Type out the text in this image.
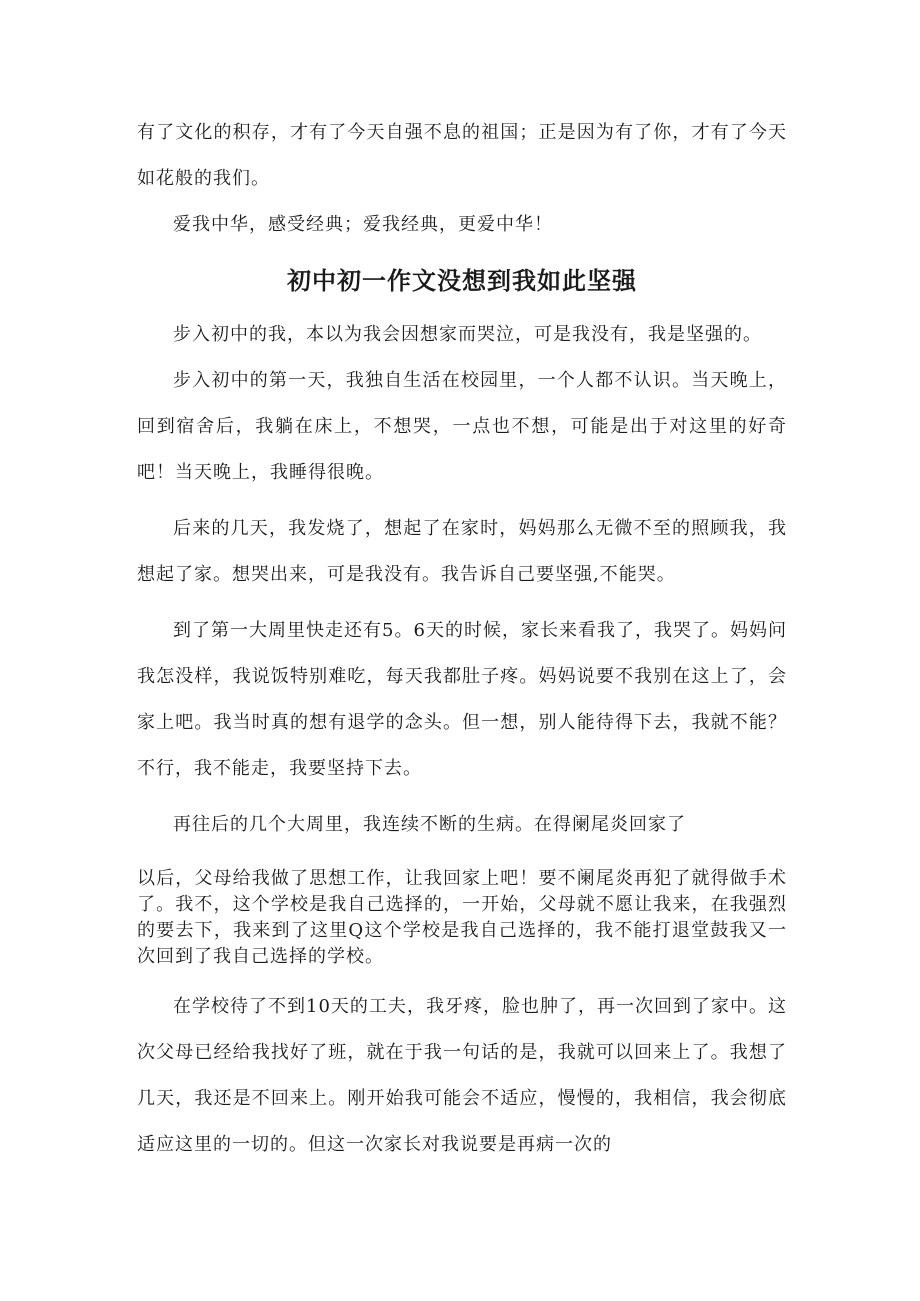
有了文化的积存，才有了今天自强不息的祖国；正是因为有了你，才有了今天如花般的我们。

爱我中华，感受经典；爱我经典，更爱中华！

初中初一作文没想到我如此坚强

步入初中的我，本以为我会因想家而哭泣，可是我没有，我是坚强的。

步入初中的第一天，我独自生活在校园里，一个人都不认识。当天晚上，回到宿舍后，我躺在床上，不想哭，一点也不想，可能是出于对这里的好奇吧！当天晚上，我睡得很晚。

后来的几天，我发烧了，想起了在家时，妈妈那么无微不至的照顾我，我想起了家。想哭出来，可是我没有。我告诉自己要坚强,不能哭。

到了第一大周里快走还有5。6天的时候，家长来看我了，我哭了。妈妈问我怎没样，我说饭特别难吃，每天我都肚子疼。妈妈说要不我别在这上了，会家上吧。我当时真的想有退学的念头。但一想，别人能待得下去，我就不能？不行，我不能走，我要坚持下去。

再往后的几个大周里，我连续不断的生病。在得阑尾炎回家了

以后，父母给我做了思想工作，让我回家上吧！要不阑尾炎再犯了就得做手术了。我不，这个学校是我自己选择的，一开始，父母就不愿让我来，在我强烈的要去下，我来到了这里Q这个学校是我自己选择的，我不能打退堂鼓我又一次回到了我自己选择的学校。

在学校待了不到10天的工夫，我牙疼，脸也肿了，再一次回到了家中。这次父母已经给我找好了班，就在于我一句话的是，我就可以回来上了。我想了几天，我还是不回来上。刚开始我可能会不适应，慢慢的，我相信，我会彻底适应这里的一切的。但这一次家长对我说要是再病一次的
